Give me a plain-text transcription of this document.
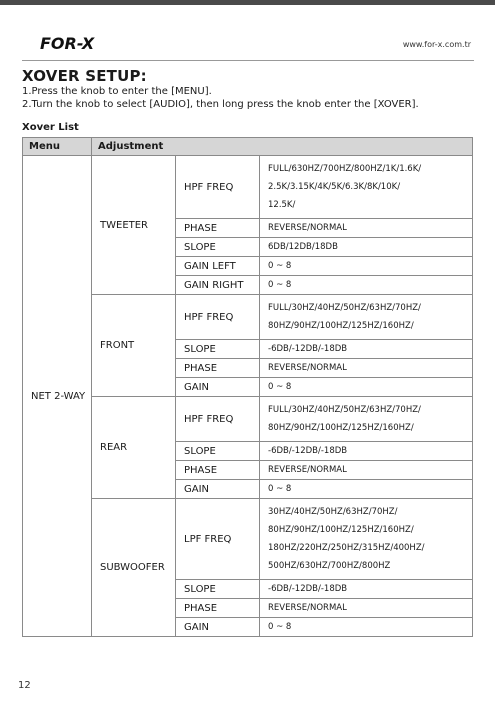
FOR-X	www.for-x.com.tr
XOVER SETUP:
1.Press the knob to enter the [MENU].
2.Turn the knob to select [AUDIO], then long press the knob enter the [XOVER].
Xover List
Menu	Adjustment		
NET 2-WAY	TWEETER	HPF FREQ	FULL/630HZ/700HZ/800HZ/1K/1.6K/
2.5K/3.15K/4K/5K/6.3K/8K/10K/
12.5K/

		PHASE	REVERSE/NORMAL

		SLOPE	6DB/12DB/18DB

		GAIN LEFT	0 ~ 8

		GAIN RIGHT	0 ~ 8

	FRONT	HPF FREQ	FULL/30HZ/40HZ/50HZ/63HZ/70HZ/
80HZ/90HZ/100HZ/125HZ/160HZ/

		SLOPE	-6DB/-12DB/-18DB

		PHASE	REVERSE/NORMAL

		GAIN	0 ~ 8

	REAR	HPF FREQ	FULL/30HZ/40HZ/50HZ/63HZ/70HZ/
80HZ/90HZ/100HZ/125HZ/160HZ/

		SLOPE	-6DB/-12DB/-18DB

		PHASE	REVERSE/NORMAL

		GAIN	0 ~ 8

	SUBWOOFER	LPF FREQ	30HZ/40HZ/50HZ/63HZ/70HZ/
80HZ/90HZ/100HZ/125HZ/160HZ/
180HZ/220HZ/250HZ/315HZ/400HZ/
500HZ/630HZ/700HZ/800HZ

		SLOPE	-6DB/-12DB/-18DB

		PHASE	REVERSE/NORMAL

		GAIN	0 ~ 8
12
